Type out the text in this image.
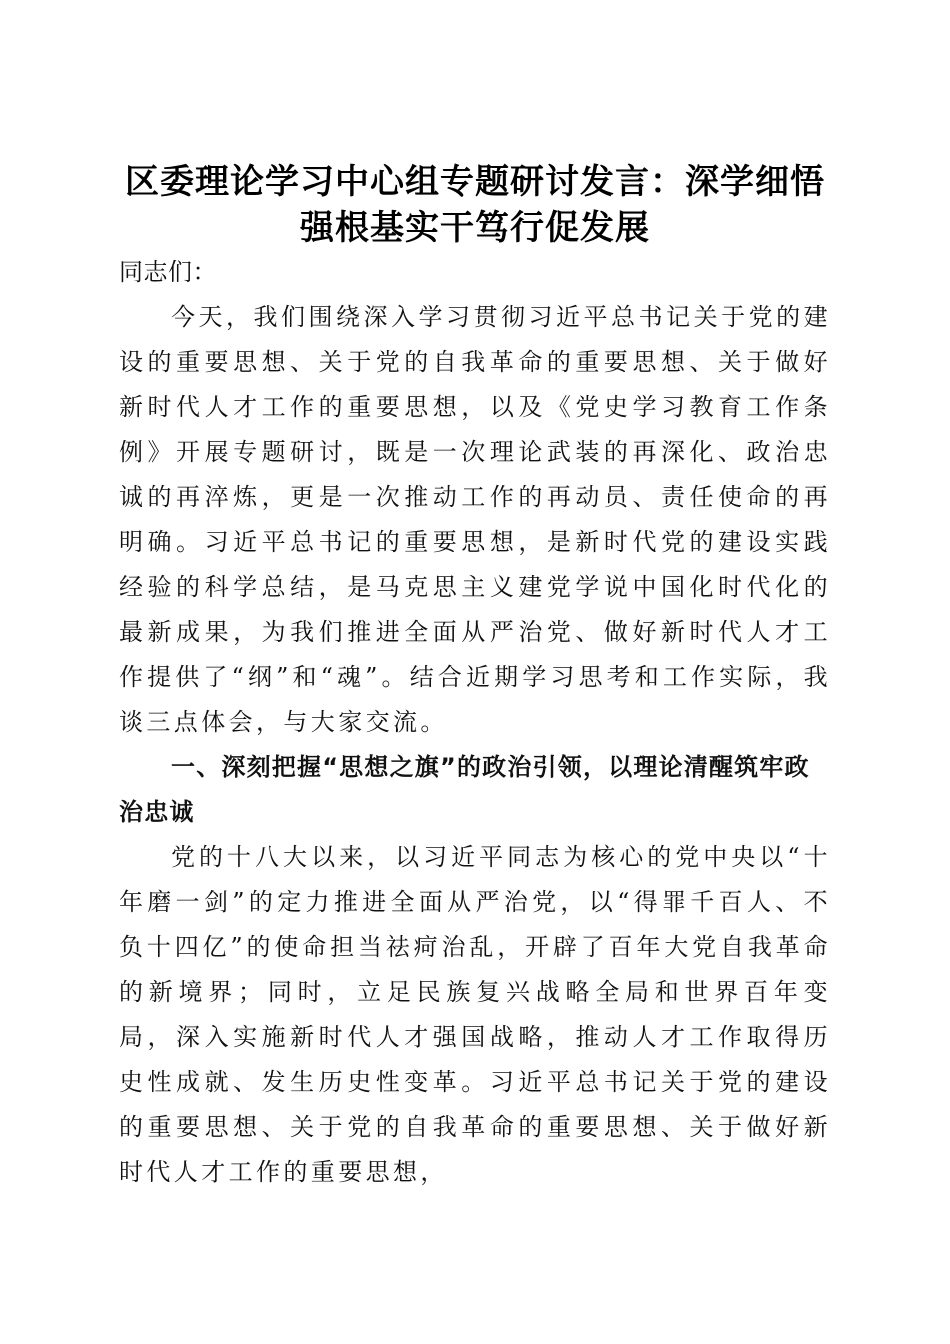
区委理论学习中心组专题研讨发言：深学细悟
强根基实干笃行促发展

同志们：

今天，我们围绕深入学习贯彻习近平总书记关于党的建设的重要思想、关于党的自我革命的重要思想、关于做好新时代人才工作的重要思想，以及《党史学习教育工作条例》开展专题研讨，既是一次理论武装的再深化、政治忠诚的再淬炼，更是一次推动工作的再动员、责任使命的再明确。习近平总书记的重要思想，是新时代党的建设实践经验的科学总结，是马克思主义建党学说中国化时代化的最新成果，为我们推进全面从严治党、做好新时代人才工作提供了“纲”和“魂”。结合近期学习思考和工作实际，我谈三点体会，与大家交流。

一、深刻把握“思想之旗”的政治引领，以理论清醒筑牢政治忠诚

党的十八大以来，以习近平同志为核心的党中央以“十年磨一剑”的定力推进全面从严治党，以“得罪千百人、不负十四亿”的使命担当祛疴治乱，开辟了百年大党自我革命的新境界；同时，立足民族复兴战略全局和世界百年变局，深入实施新时代人才强国战略，推动人才工作取得历史性成就、发生历史性变革。习近平总书记关于党的建设的重要思想、关于党的自我革命的重要思想、关于做好新时代人才工作的重要思想，
